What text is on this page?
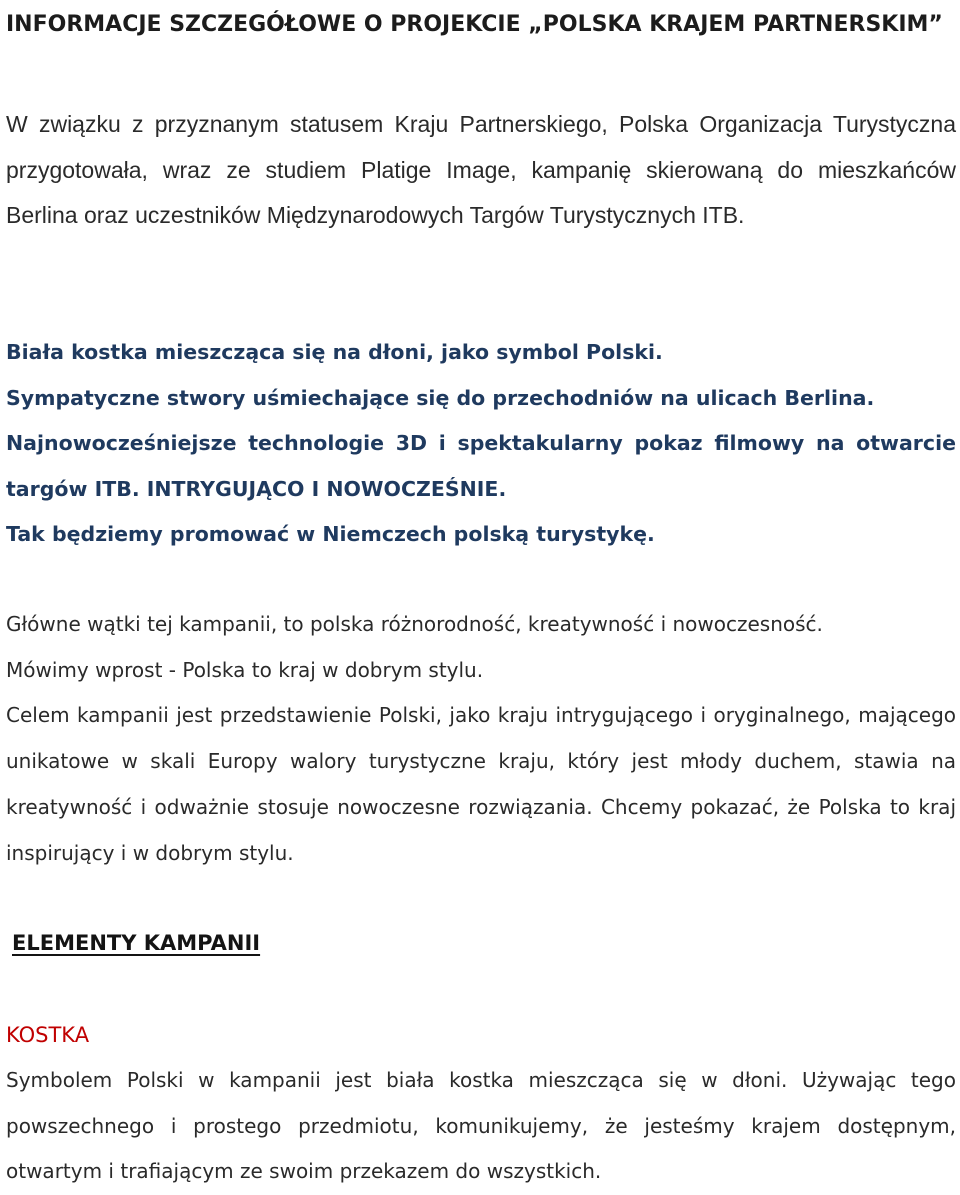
INFORMACJE SZCZEGÓŁOWE O PROJEKCIE „POLSKA KRAJEM PARTNERSKIM”

W związku z przyznanym statusem Kraju Partnerskiego, Polska Organizacja Turystyczna przygotowała, wraz ze studiem Platige Image, kampanię skierowaną do mieszkańców Berlina oraz uczestników Międzynarodowych Targów Turystycznych ITB.

Biała kostka mieszcząca się na dłoni, jako symbol Polski.
Sympatyczne stwory uśmiechające się do przechodniów na ulicach Berlina.
Najnowocześniejsze technologie 3D i spektakularny pokaz filmowy na otwarcie targów ITB. INTRYGUJĄCO I NOWOCZEŚNIE.
Tak będziemy promować w Niemczech polską turystykę.
Główne wątki tej kampanii, to polska różnorodność, kreatywność i nowoczesność.
Mówimy wprost - Polska to kraj w dobrym stylu.

Celem kampanii jest przedstawienie Polski, jako kraju intrygującego i oryginalnego, mającego unikatowe w skali Europy walory turystyczne kraju, który jest młody duchem, stawia na kreatywność i odważnie stosuje nowoczesne rozwiązania. Chcemy pokazać, że Polska to kraj inspirujący i w dobrym stylu.

ELEMENTY KAMPANII
KOSTKA

Symbolem Polski w kampanii jest biała kostka mieszcząca się w dłoni. Używając tego powszechnego i prostego przedmiotu, komunikujemy, że jesteśmy krajem dostępnym, otwartym i trafiającym ze swoim przekazem do wszystkich.
